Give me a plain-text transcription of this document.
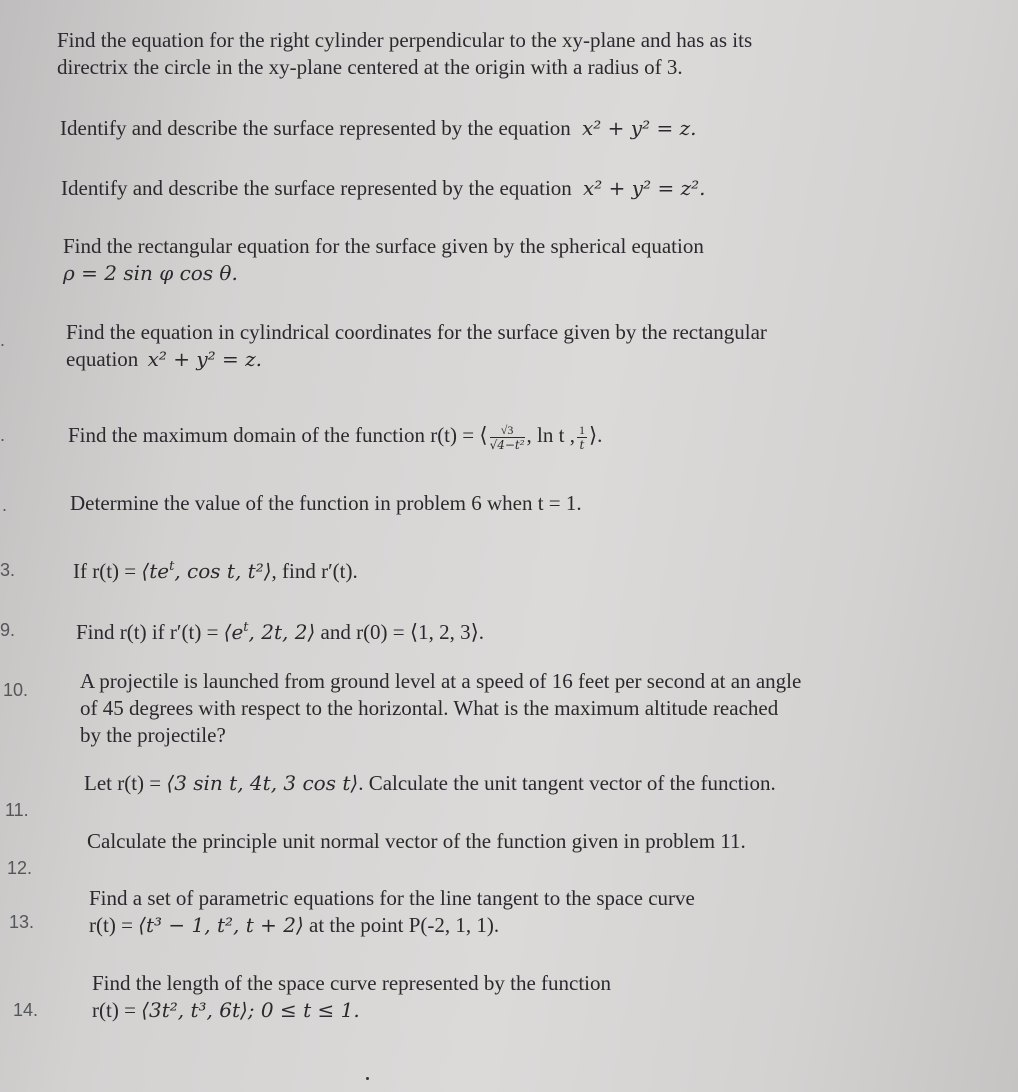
Find the equation for the right cylinder perpendicular to the xy-plane and has as its
directrix the circle in the xy-plane centered at the origin with a radius of 3.
Identify and describe the surface represented by the equation x² + y² = z.
Identify and describe the surface represented by the equation x² + y² = z².
Find the rectangular equation for the surface given by the spherical equation
ρ = 2 sin φ cos θ.
.	Find the equation in cylindrical coordinates for the surface given by the rectangular
equation x² + y² = z.
.	Find the maximum domain of the function r(t) = ⟨ $\frac{√3}{\text{√4−t²}}$ , ln t , $\frac{1}{t}$ ⟩.
.	Determine the value of the function in problem 6 when t = 1.
3.	If $r(t) = ⟨te^t$, cos t, t²⟩, find r′(t).
9.	Find r(t) if $r'(t) = ⟨e^t$, 2t, 2⟩ and r(0) = ⟨1, 2, 3⟩.
10. A projectile is launched from ground level at a speed of 16 feet per second at an angle
of 45 degrees with respect to the horizontal. What is the maximum altitude reached
by the projectile?
11.
Let r(t) = ⟨3 sin t, 4t, 3 cos t⟩. Calculate the unit tangent vector of the function.
12.
Calculate the principle unit normal vector of the function given in problem 11.
13.
Find a set of parametric equations for the line tangent to the space curve
r(t) = ⟨t³ − 1, t², t + 2⟩ at the point P(-2, 1, 1).
14.
Find the length of the space curve represented by the function
r(t) = ⟨3t², t³, 6t⟩; 0 ≤ t ≤ 1.
